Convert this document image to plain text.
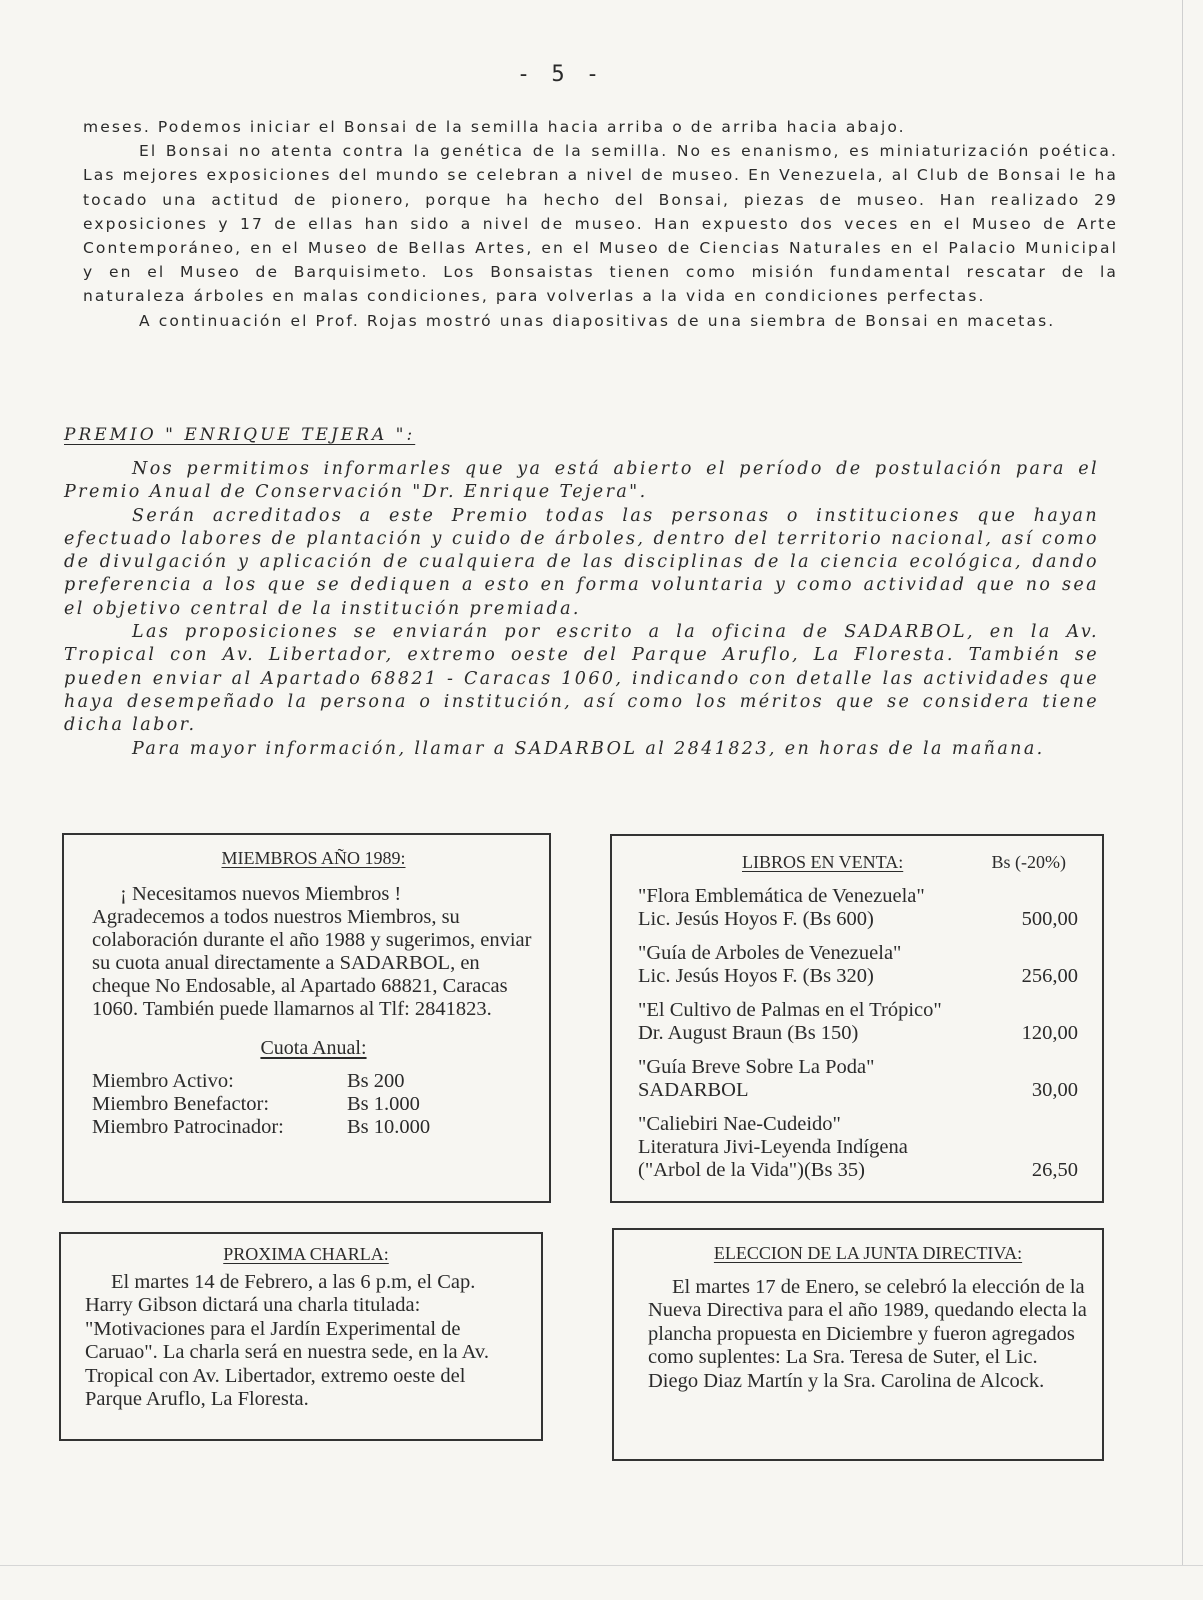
- 5 -

meses. Podemos iniciar el Bonsai de la semilla hacia arriba o de arriba hacia abajo.

El Bonsai no atenta contra la genética de la semilla. No es enanismo, es miniaturización poética. Las mejores exposiciones del mundo se celebran a nivel de museo. En Venezuela, al Club de Bonsai le ha tocado una actitud de pionero, porque ha hecho del Bonsai, piezas de museo. Han realizado 29 exposiciones y 17 de ellas han sido a nivel de museo. Han expuesto dos veces en el Museo de Arte Contemporáneo, en el Museo de Bellas Artes, en el Museo de Ciencias Naturales en el Palacio Municipal y en el Museo de Barquisimeto. Los Bonsaistas tienen como misión fundamental rescatar de la naturaleza árboles en malas condiciones, para volverlas a la vida en condiciones perfectas.

A continuación el Prof. Rojas mostró unas diapositivas de una siembra de Bonsai en macetas.

PREMIO " ENRIQUE TEJERA ":

Nos permitimos informarles que ya está abierto el período de postulación para el Premio Anual de Conservación "Dr. Enrique Tejera".

Serán acreditados a este Premio todas las personas o instituciones que hayan efectuado labores de plantación y cuido de árboles, dentro del territorio nacional, así como de divulgación y aplicación de cualquiera de las disciplinas de la ciencia ecológica, dando preferencia a los que se dediquen a esto en forma voluntaria y como actividad que no sea el objetivo central de la institución premiada.

Las proposiciones se enviarán por escrito a la oficina de SADARBOL, en la Av. Tropical con Av. Libertador, extremo oeste del Parque Aruflo, La Floresta. También se pueden enviar al Apartado 68821 - Caracas 1060, indicando con detalle las actividades que haya desempeñado la persona o institución, así como los méritos que se considera tiene dicha labor.

Para mayor información, llamar a SADARBOL al 2841823, en horas de la mañana.

MIEMBROS AÑO 1989:

¡ Necesitamos nuevos Miembros !

Agradecemos a todos nuestros Miembros, su colaboración durante el año 1988 y sugerimos, enviar su cuota anual directamente a SADARBOL, en cheque No Endosable, al Apartado 68821, Caracas 1060. También puede llamarnos al Tlf: 2841823.

Cuota Anual:

Miembro Activo:	Bs 200
Miembro Benefactor:	Bs 1.000
Miembro Patrocinador:	Bs 10.000
LIBROS EN VENTA:	Bs (-20%)
"Flora Emblemática de Venezuela"
Lic. Jesús Hoyos F. (Bs 600)	500,00
"Guía de Arboles de Venezuela"
Lic. Jesús Hoyos F. (Bs 320)	256,00
"El Cultivo de Palmas en el Trópico"
Dr. August Braun (Bs 150)	120,00
"Guía Breve Sobre La Poda"
SADARBOL	30,00
"Caliebiri Nae-Cudeido"
Literatura Jivi-Leyenda Indígena
("Arbol de la Vida")(Bs 35)	26,50
PROXIMA CHARLA:

El martes 14 de Febrero, a las 6 p.m, el Cap. Harry Gibson dictará una charla titulada: "Motivaciones para el Jardín Experimental de Caruao". La charla será en nuestra sede, en la Av. Tropical con Av. Libertador, extremo oeste del Parque Aruflo, La Floresta.

ELECCION DE LA JUNTA DIRECTIVA:

El martes 17 de Enero, se celebró la elección de la Nueva Directiva para el año 1989, quedando electa la plancha propuesta en Diciembre y fueron agregados como suplentes: La Sra. Teresa de Suter, el Lic. Diego Diaz Martín y la Sra. Carolina de Alcock.
